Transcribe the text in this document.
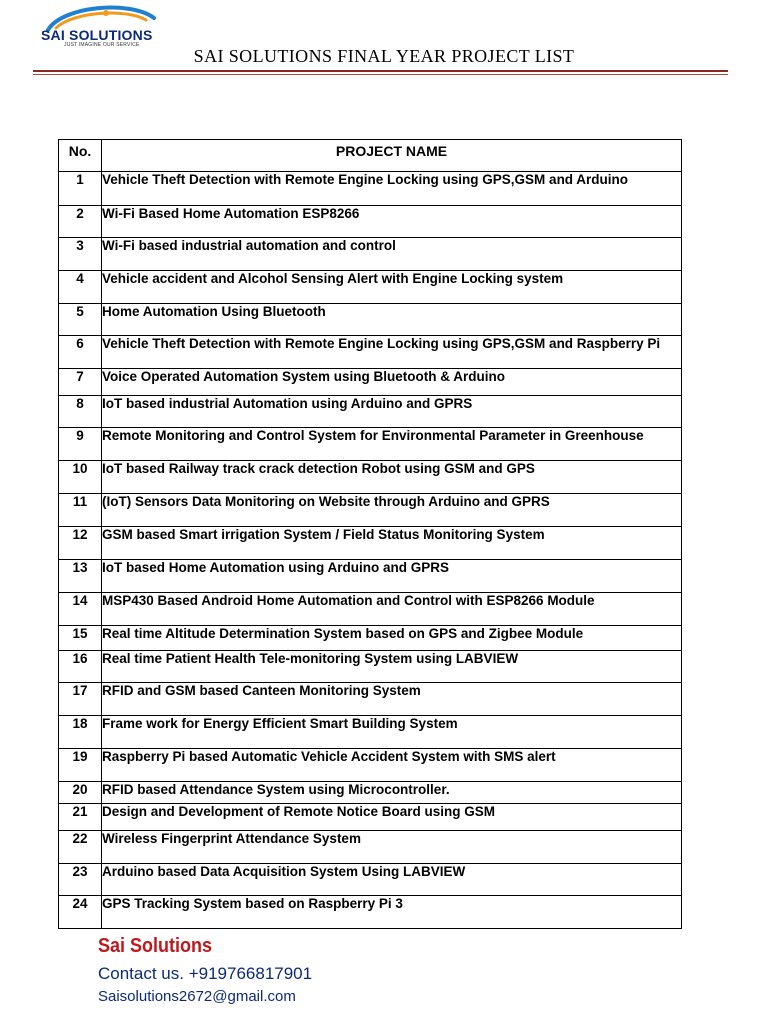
SAI SOLUTIONS
JUST IMAGINE OUR SERVICE
SAI SOLUTIONS FINAL YEAR PROJECT LIST
No.	PROJECT NAME
1	Vehicle Theft Detection with Remote Engine Locking using GPS,GSM and Arduino
2	Wi-Fi Based Home Automation ESP8266
3	Wi-Fi based industrial automation and control
4	Vehicle accident and Alcohol Sensing Alert with Engine Locking system
5	Home Automation Using Bluetooth
6	Vehicle Theft Detection with Remote Engine Locking using GPS,GSM and Raspberry Pi
7	Voice Operated Automation System using Bluetooth & Arduino
8	IoT based industrial Automation using Arduino and GPRS
9	Remote Monitoring and Control System for Environmental Parameter in Greenhouse
10	IoT based Railway track crack detection Robot using GSM and GPS
11	(IoT) Sensors Data Monitoring on Website through Arduino and GPRS
12	GSM based Smart irrigation System / Field Status Monitoring System
13	IoT based Home Automation using Arduino and GPRS
14	MSP430 Based Android Home Automation and Control with ESP8266 Module
15	Real time Altitude Determination System based on GPS and Zigbee Module
16	Real time Patient Health Tele-monitoring System using LABVIEW
17	RFID and GSM based Canteen Monitoring System
18	Frame work for Energy Efficient Smart Building System
19	Raspberry Pi based Automatic Vehicle Accident System with SMS alert
20	RFID based Attendance System using Microcontroller.
21	Design and Development of Remote Notice Board using GSM
22	Wireless Fingerprint Attendance System
23	Arduino based Data Acquisition System Using LABVIEW
24	GPS Tracking System based on Raspberry Pi 3
Sai Solutions
Contact us. +919766817901
Saisolutions2672@gmail.com
